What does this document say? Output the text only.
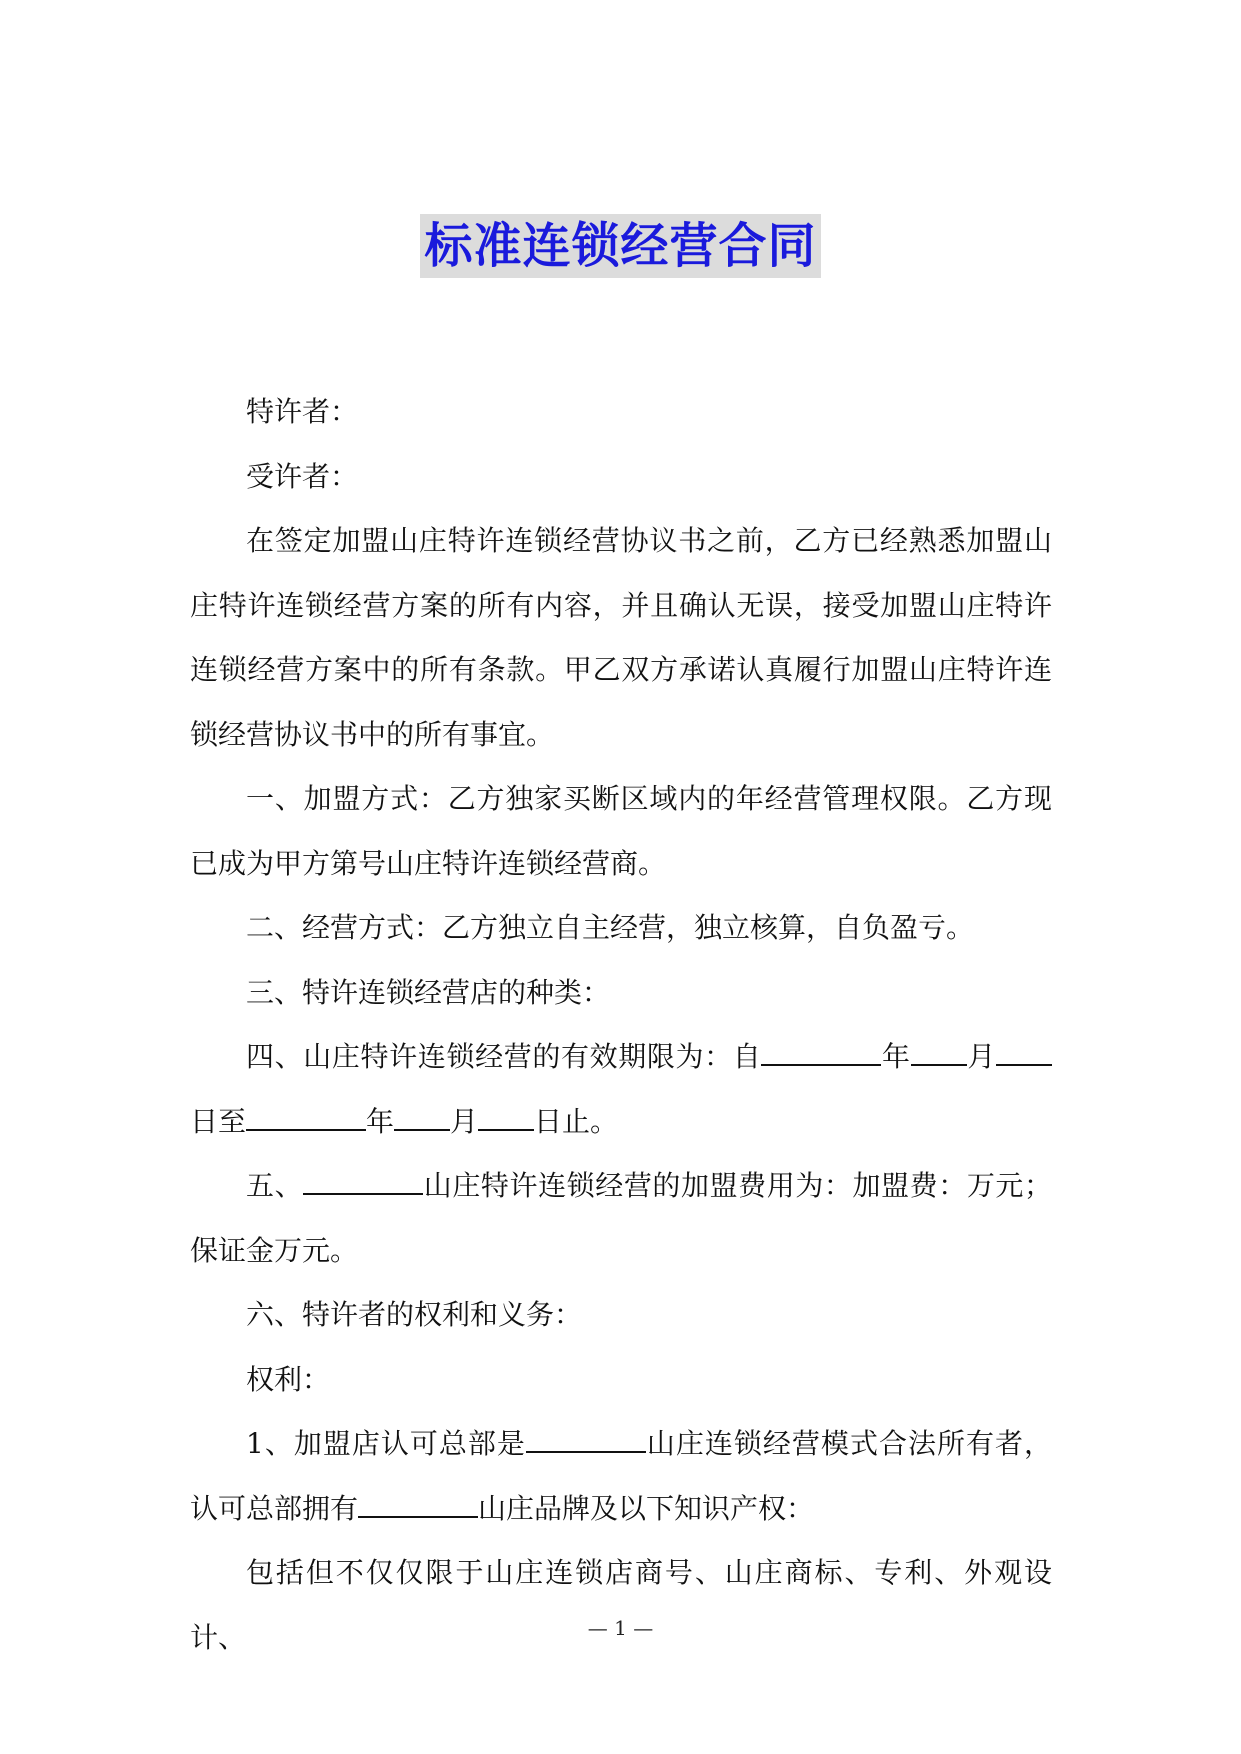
标准连锁经营合同

特许者：

受许者：

在签定加盟山庄特许连锁经营协议书之前，乙方已经熟悉加盟山庄特许连锁经营方案的所有内容，并且确认无误，接受加盟山庄特许连锁经营方案中的所有条款。甲乙双方承诺认真履行加盟山庄特许连锁经营协议书中的所有事宜。

一、加盟方式：乙方独家买断区域内的年经营管理权限。乙方现已成为甲方第号山庄特许连锁经营商。

二、经营方式：乙方独立自主经营，独立核算，自负盈亏。

三、特许连锁经营店的种类：

四、山庄特许连锁经营的有效期限为：自	年 月日至	年 月 日止。

五、	山庄特许连锁经营的加盟费用为：加盟费：万元；保证金万元。

六、特许者的权利和义务：

权利：

1、加盟店认可总部是	山庄连锁经营模式合法所有者，认可总部拥有	山庄品牌及以下知识产权：

包括但不仅仅限于山庄连锁店商号、山庄商标、专利、外观设计、	— 1 —
